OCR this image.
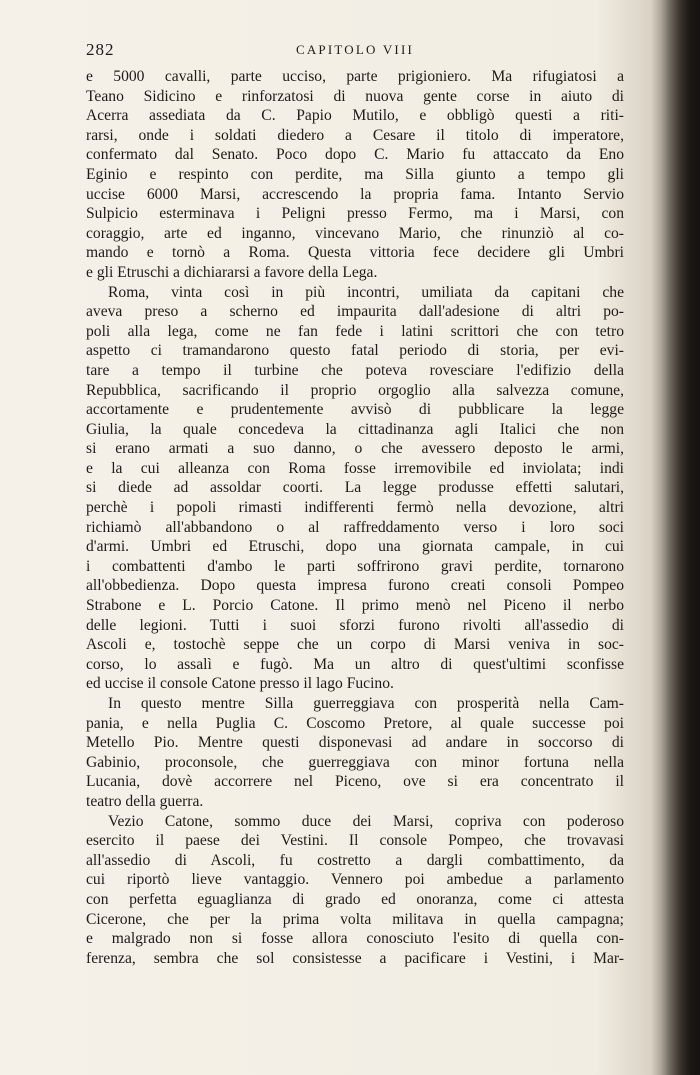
282	CAPITOLO VIII
e 5000 cavalli, parte ucciso, parte prigioniero. Ma rifugiatosi a
Teano Sidicino e rinforzatosi di nuova gente corse in aiuto di
Acerra assediata da C. Papio Mutilo, e obbligò questi a riti-
rarsi, onde i soldati diedero a Cesare il titolo di imperatore,
confermato dal Senato. Poco dopo C. Mario fu attaccato da Eno
Eginio e respinto con perdite, ma Silla giunto a tempo gli
uccise 6000 Marsi, accrescendo la propria fama. Intanto Servio
Sulpicio esterminava i Peligni presso Fermo, ma i Marsi, con
coraggio, arte ed inganno, vincevano Mario, che rinunziò al co-
mando e tornò a Roma. Questa vittoria fece decidere gli Umbri
e gli Etruschi a dichiararsi a favore della Lega.
Roma, vinta così in più incontri, umiliata da capitani che
aveva preso a scherno ed impaurita dall'adesione di altri po-
poli alla lega, come ne fan fede i latini scrittori che con tetro
aspetto ci tramandarono questo fatal periodo di storia, per evi-
tare a tempo il turbine che poteva rovesciare l'edifizio della
Repubblica, sacrificando il proprio orgoglio alla salvezza comune,
accortamente e prudentemente avvisò di pubblicare la legge
Giulia, la quale concedeva la cittadinanza agli Italici che non
si erano armati a suo danno, o che avessero deposto le armi,
e la cui alleanza con Roma fosse irremovibile ed inviolata; indi
si diede ad assoldar coorti. La legge produsse effetti salutari,
perchè i popoli rimasti indifferenti fermò nella devozione, altri
richiamò all'abbandono o al raffreddamento verso i loro soci
d'armi. Umbri ed Etruschi, dopo una giornata campale, in cui
i combattenti d'ambo le parti soffrirono gravi perdite, tornarono
all'obbedienza. Dopo questa impresa furono creati consoli Pompeo
Strabone e L. Porcio Catone. Il primo menò nel Piceno il nerbo
delle legioni. Tutti i suoi sforzi furono rivolti all'assedio di
Ascoli e, tostochè seppe che un corpo di Marsi veniva in soc-
corso, lo assalì e fugò. Ma un altro di quest'ultimi sconfisse
ed uccise il console Catone presso il lago Fucino.
In questo mentre Silla guerreggiava con prosperità nella Cam-
pania, e nella Puglia C. Coscomo Pretore, al quale successe poi
Metello Pio. Mentre questi disponevasi ad andare in soccorso di
Gabinio, proconsole, che guerreggiava con minor fortuna nella
Lucania, dovè accorrere nel Piceno, ove si era concentrato il
teatro della guerra.
Vezio Catone, sommo duce dei Marsi, copriva con poderoso
esercito il paese dei Vestini. Il console Pompeo, che trovavasi
all'assedio di Ascoli, fu costretto a dargli combattimento, da
cui riportò lieve vantaggio. Vennero poi ambedue a parlamento
con perfetta eguaglianza di grado ed onoranza, come ci attesta
Cicerone, che per la prima volta militava in quella campagna;
e malgrado non si fosse allora conosciuto l'esito di quella con-
ferenza, sembra che sol consistesse a pacificare i Vestini, i Mar-
